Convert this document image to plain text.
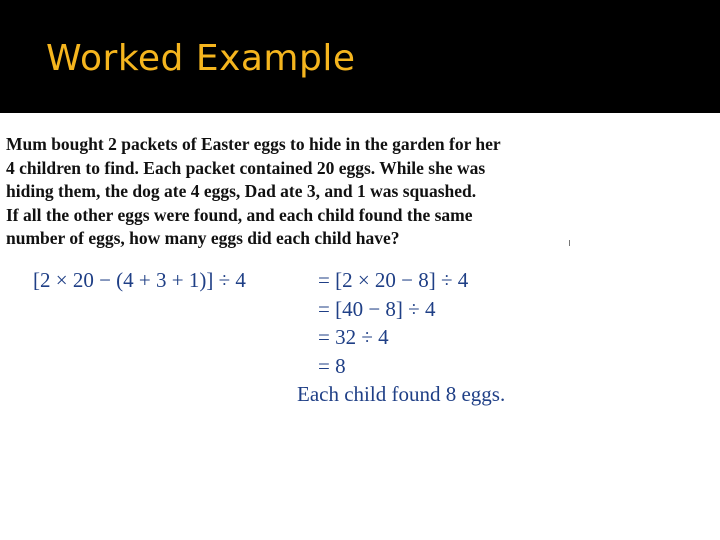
Worked Example
Mum bought 2 packets of Easter eggs to hide in the garden for her
4 children to find. Each packet contained 20 eggs. While she was
hiding them, the dog ate 4 eggs, Dad ate 3, and 1 was squashed.
If all the other eggs were found, and each child found the same
number of eggs, how many eggs did each child have?
[2 × 20 − (4 + 3 + 1)] ÷ 4	= [2 × 20 − 8] ÷ 4
= [40 − 8] ÷ 4
= 32 ÷ 4
= 8
Each child found 8 eggs.
